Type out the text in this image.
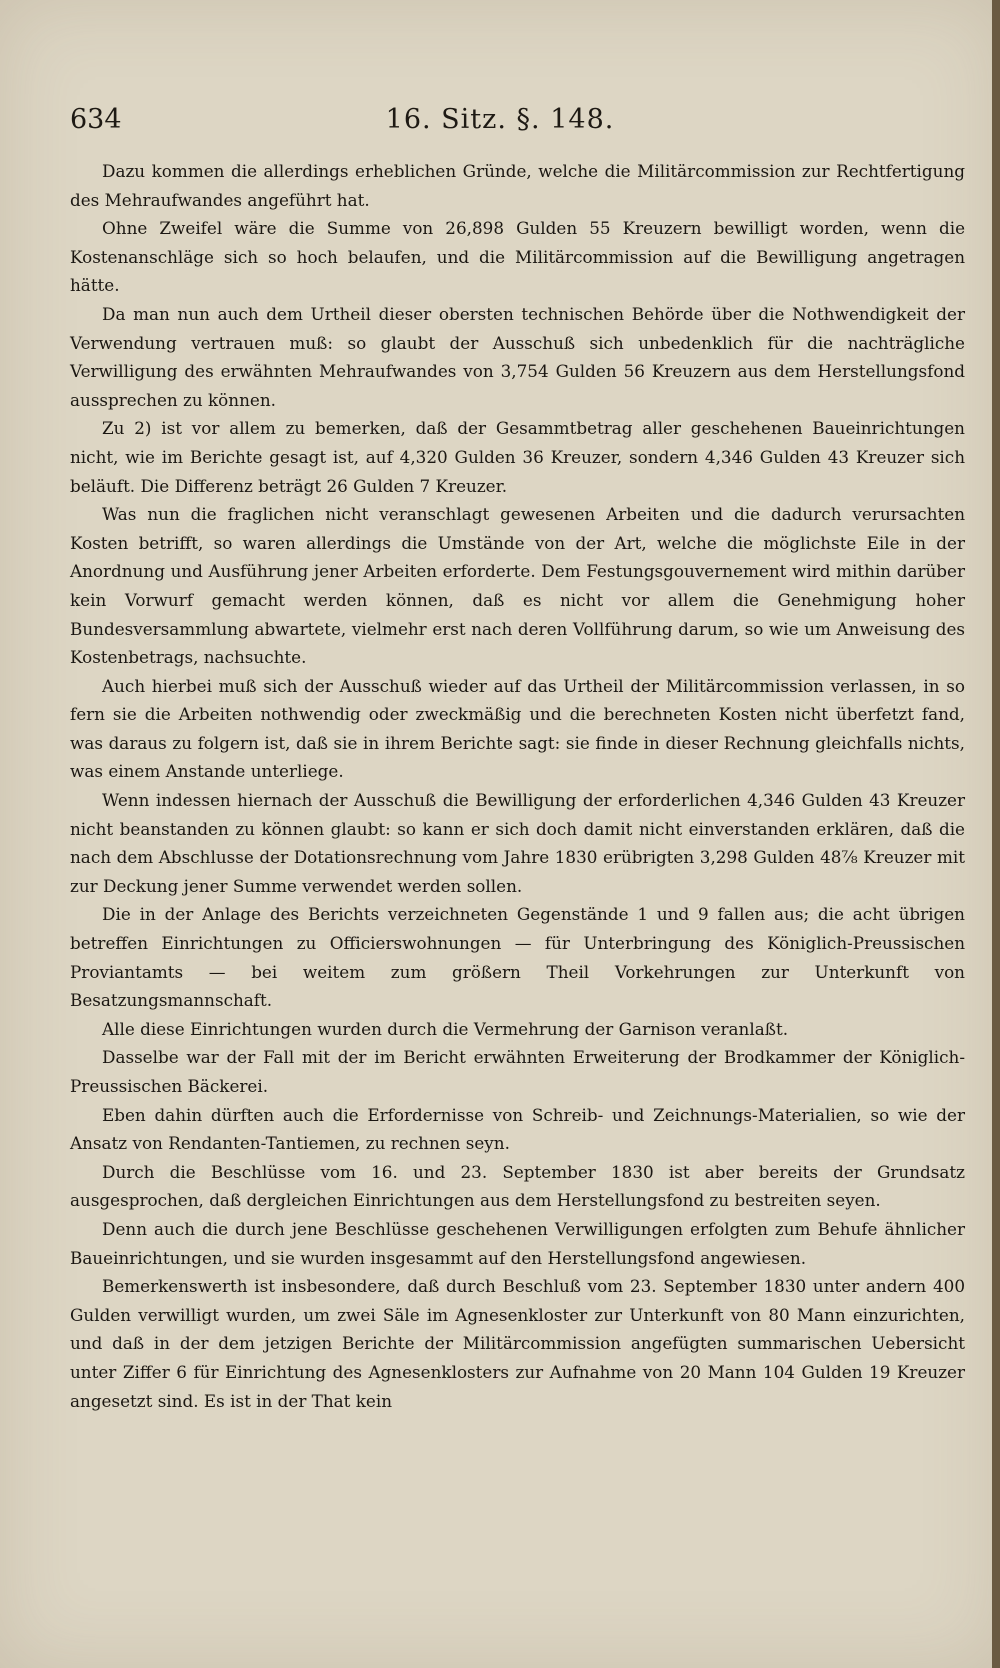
634	16. Sitz. §. 148.

Dazu kommen die allerdings erheblichen Gründe, welche die Militärcommission zur Rechtfertigung des Mehraufwandes angeführt hat.

Ohne Zweifel wäre die Summe von 26,898 Gulden 55 Kreuzern bewilligt worden, wenn die Kostenanschläge sich so hoch belaufen, und die Militärcommission auf die Bewilligung angetragen hätte.

Da man nun auch dem Urtheil dieser obersten technischen Behörde über die Nothwendigkeit der Verwendung vertrauen muß: so glaubt der Ausschuß sich unbedenklich für die nachträgliche Verwilligung des erwähnten Mehraufwandes von 3,754 Gulden 56 Kreuzern aus dem Herstellungsfond aussprechen zu können.

Zu 2) ist vor allem zu bemerken, daß der Gesammtbetrag aller geschehenen Baueinrichtungen nicht, wie im Berichte gesagt ist, auf 4,320 Gulden 36 Kreuzer, sondern 4,346 Gulden 43 Kreuzer sich beläuft. Die Differenz beträgt 26 Gulden 7 Kreuzer.

Was nun die fraglichen nicht veranschlagt gewesenen Arbeiten und die dadurch verursachten Kosten betrifft, so waren allerdings die Umstände von der Art, welche die möglichste Eile in der Anordnung und Ausführung jener Arbeiten erforderte. Dem Festungsgouvernement wird mithin darüber kein Vorwurf gemacht werden können, daß es nicht vor allem die Genehmigung hoher Bundesversammlung abwartete, vielmehr erst nach deren Vollführung darum, so wie um Anweisung des Kostenbetrags, nachsuchte.

Auch hierbei muß sich der Ausschuß wieder auf das Urtheil der Militärcommission verlassen, in so fern sie die Arbeiten nothwendig oder zweckmäßig und die berechneten Kosten nicht überfetzt fand, was daraus zu folgern ist, daß sie in ihrem Berichte sagt: sie finde in dieser Rechnung gleichfalls nichts, was einem Anstande unterliege.

Wenn indessen hiernach der Ausschuß die Bewilligung der erforderlichen 4,346 Gulden 43 Kreuzer nicht beanstanden zu können glaubt: so kann er sich doch damit nicht einverstanden erklären, daß die nach dem Abschlusse der Dotationsrechnung vom Jahre 1830 erübrigten 3,298 Gulden 48⅞ Kreuzer mit zur Deckung jener Summe verwendet werden sollen.

Die in der Anlage des Berichts verzeichneten Gegenstände 1 und 9 fallen aus; die acht übrigen betreffen Einrichtungen zu Officierswohnungen — für Unterbringung des Königlich-Preussischen Proviantamts — bei weitem zum größern Theil Vorkehrungen zur Unterkunft von Besatzungsmannschaft.

Alle diese Einrichtungen wurden durch die Vermehrung der Garnison veranlaßt.

Dasselbe war der Fall mit der im Bericht erwähnten Erweiterung der Brodkammer der Königlich-Preussischen Bäckerei.

Eben dahin dürften auch die Erfordernisse von Schreib- und Zeichnungs-Materialien, so wie der Ansatz von Rendanten-Tantiemen, zu rechnen seyn.

Durch die Beschlüsse vom 16. und 23. September 1830 ist aber bereits der Grundsatz ausgesprochen, daß dergleichen Einrichtungen aus dem Herstellungsfond zu bestreiten seyen.

Denn auch die durch jene Beschlüsse geschehenen Verwilligungen erfolgten zum Behufe ähnlicher Baueinrichtungen, und sie wurden insgesammt auf den Herstellungsfond angewiesen.

Bemerkenswerth ist insbesondere, daß durch Beschluß vom 23. September 1830 unter andern 400 Gulden verwilligt wurden, um zwei Säle im Agnesenkloster zur Unterkunft von 80 Mann einzurichten, und daß in der dem jetzigen Berichte der Militärcommission angefügten summarischen Uebersicht unter Ziffer 6 für Einrichtung des Agnesenklosters zur Aufnahme von 20 Mann 104 Gulden 19 Kreuzer angesetzt sind. Es ist in der That kein
